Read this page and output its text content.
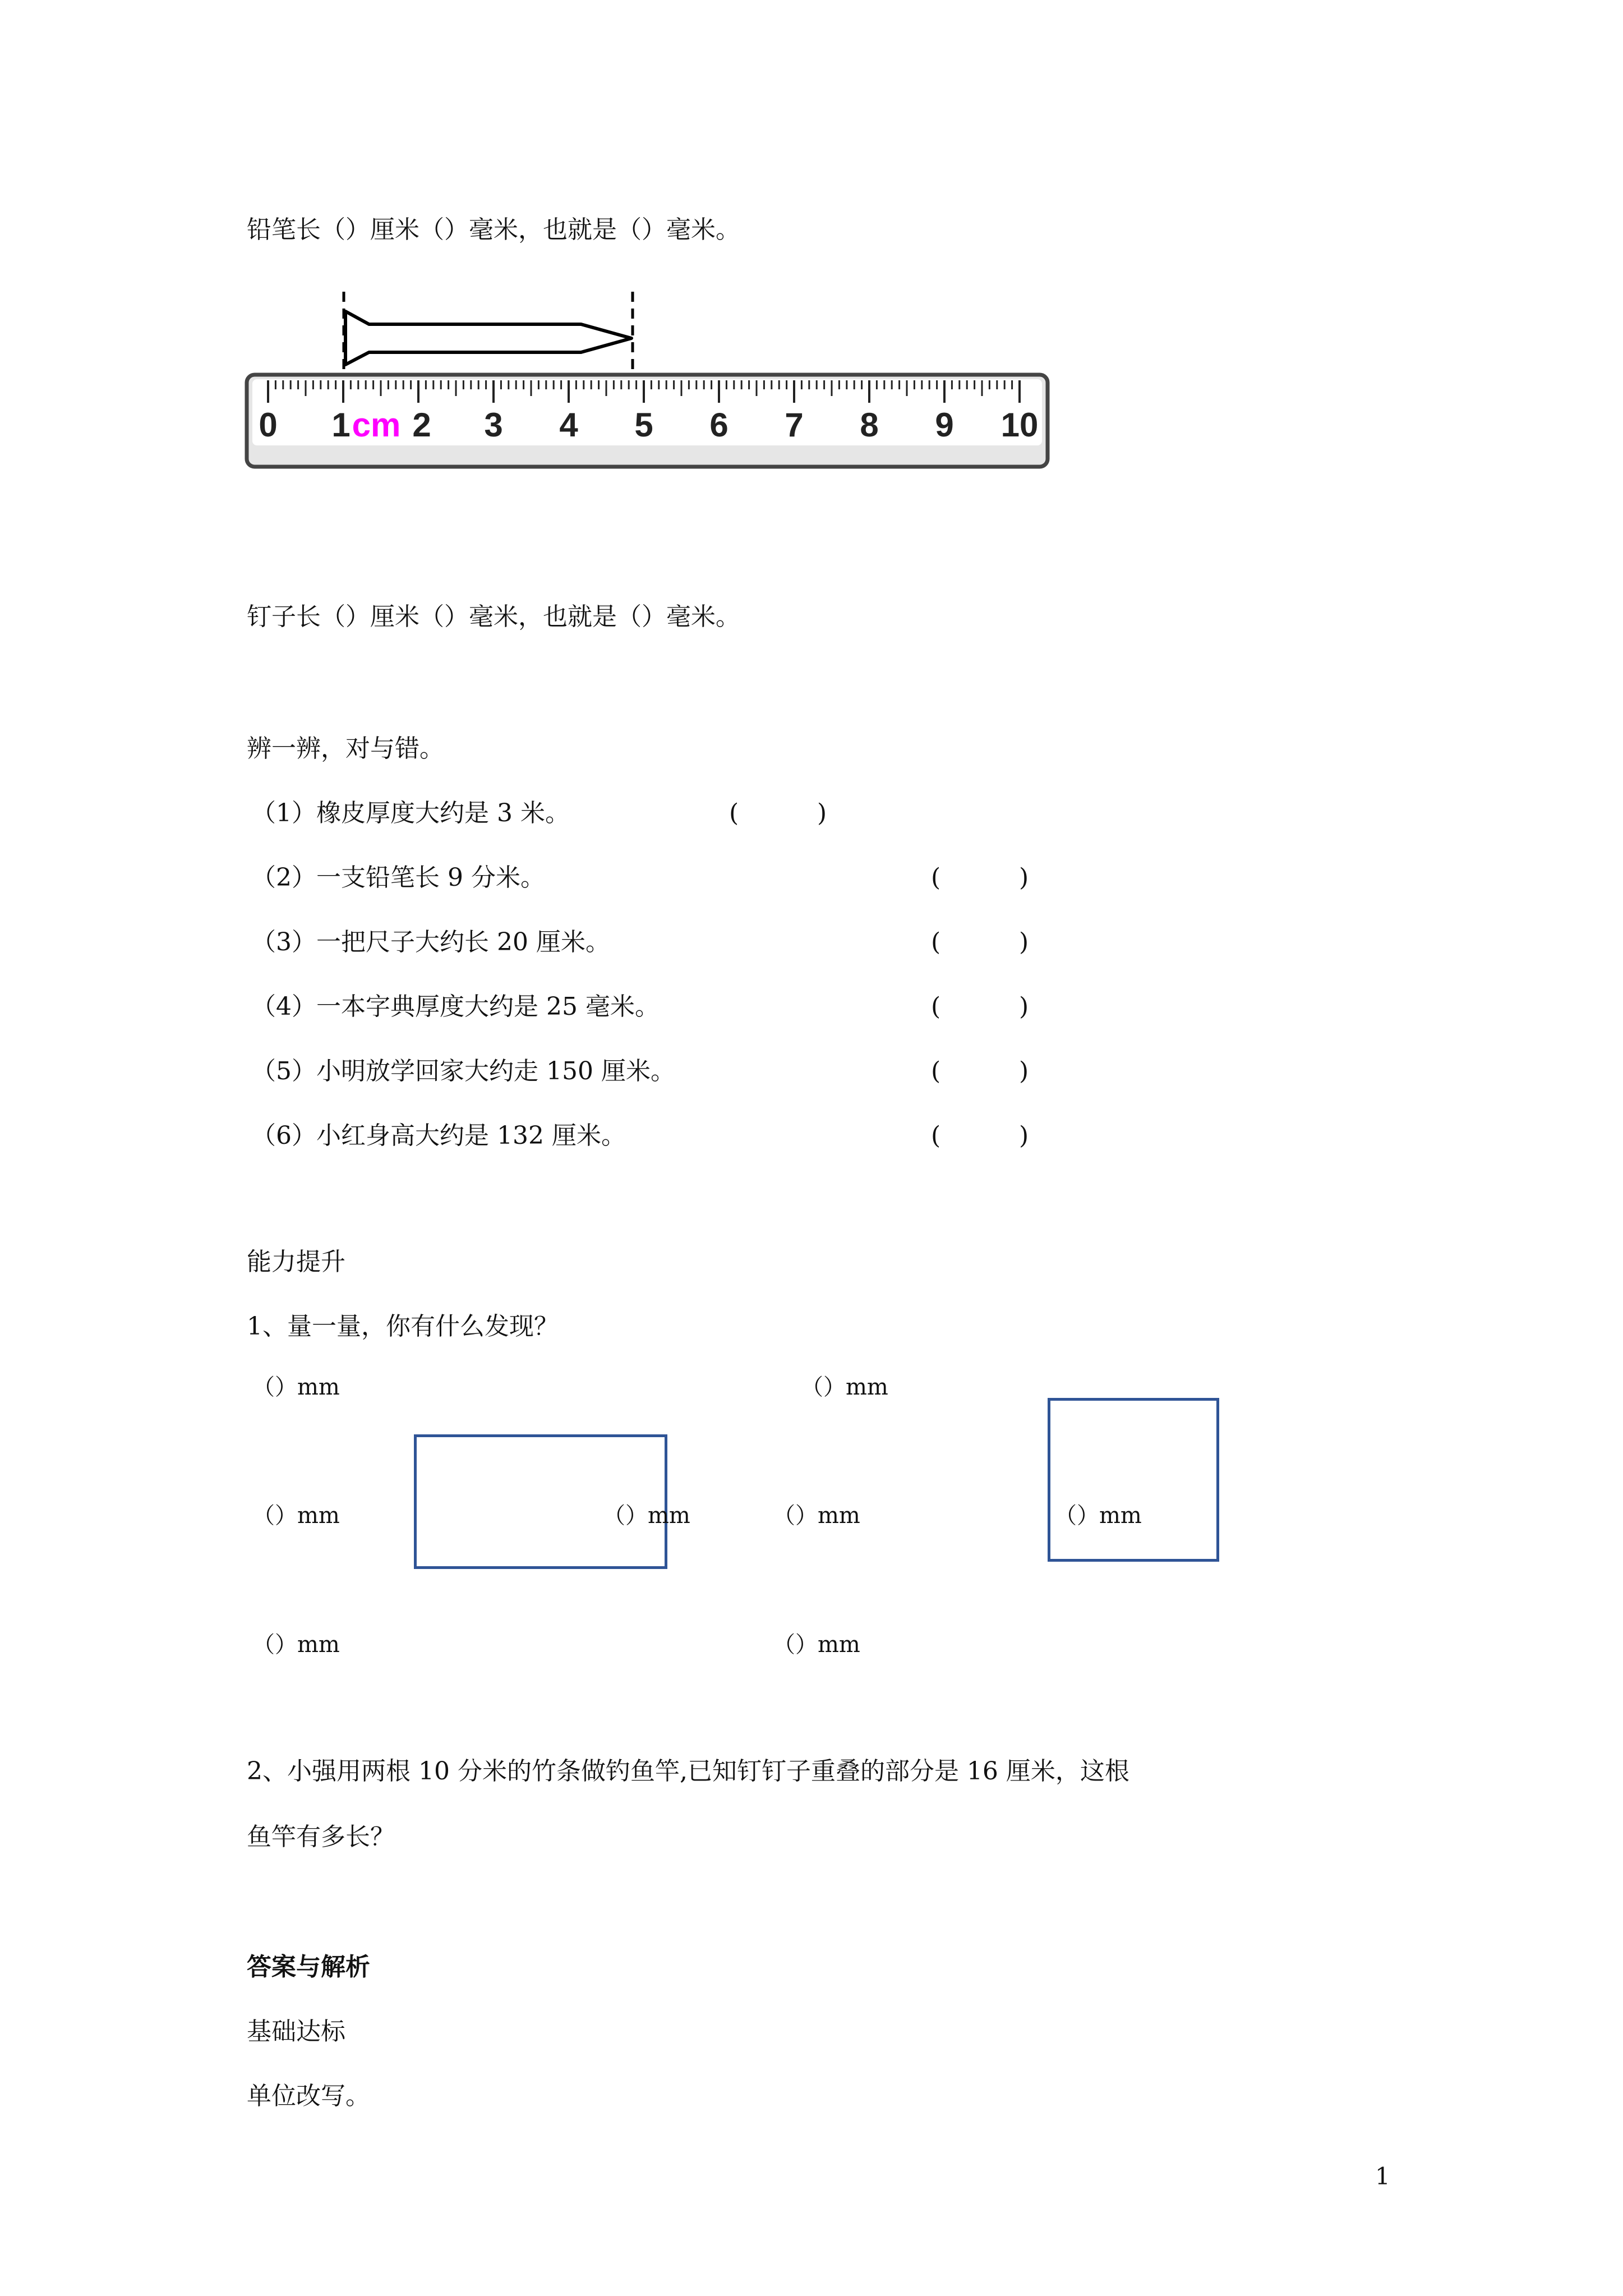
铅笔长（）厘米（）毫米，也就是（）毫米。
0 1 2 3 4 5 6 7 8 9 10
cm
钉子长（）厘米（）毫米，也就是（）毫米。
辨一辨，对与错。
（1）橡皮厚度大约是 3 米。	(          )
（2）一支铅笔长 9 分米。	(          )
（3）一把尺子大约长 20 厘米。	(          )
（4）一本字典厚度大约是 25 毫米。	(          )
（5）小明放学回家大约走 150 厘米。	(          )
（6）小红身高大约是 132 厘米。	(          )
能力提升
1、量一量，你有什么发现？
（）mm
（）mm	（）mm
（）mm
（）mm
（）mm	（）mm
（）mm
2、小强用两根 10 分米的竹条做钓鱼竿,已知钉钉子重叠的部分是 16 厘米，这根
鱼竿有多长？
答案与解析
基础达标
单位改写。
1
